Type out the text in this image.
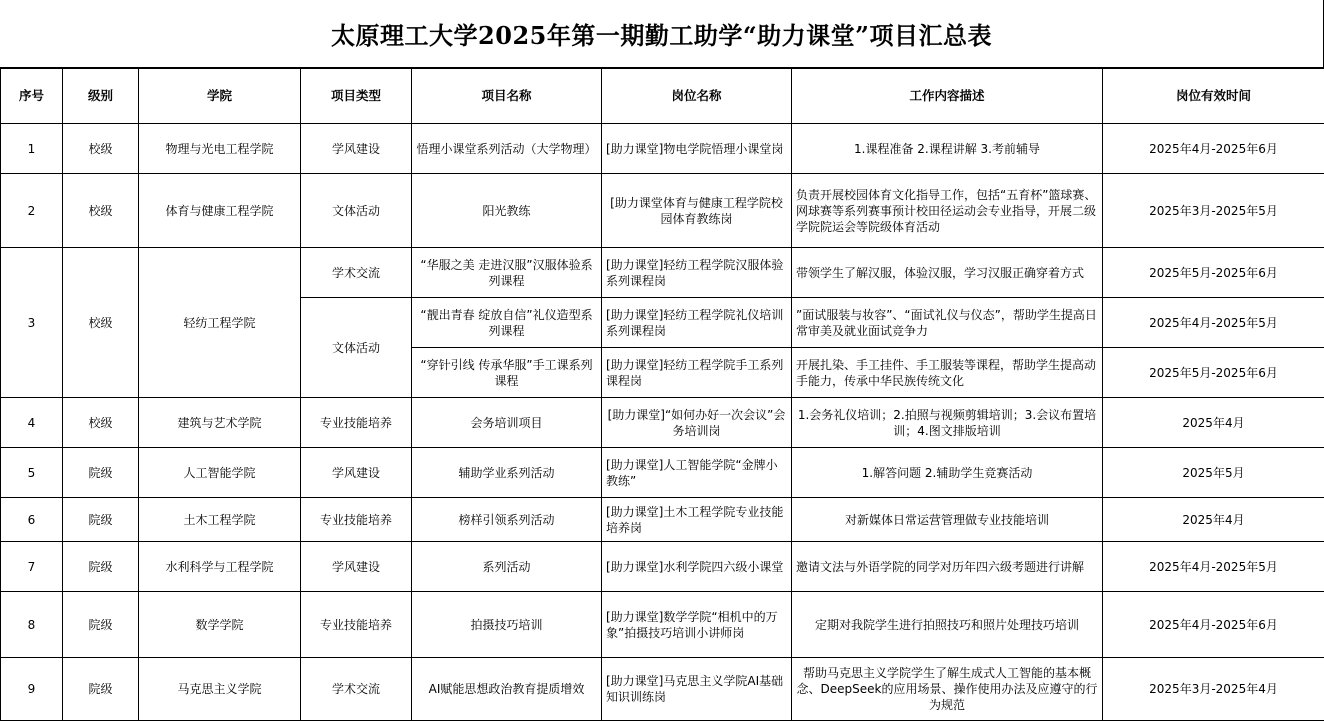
太原理工大学2025年第一期勤工助学“助力课堂”项目汇总表
序号	级别	学院	项目类型	项目名称	岗位名称	工作内容描述	岗位有效时间
1	校级	物理与光电工程学院	学风建设	悟理小课堂系列活动（大学物理）	[助力课堂]物电学院悟理小课堂岗	1.课程准备 2.课程讲解 3.考前辅导	2025年4月-2025年6月
2	校级	体育与健康工程学院	文体活动	阳光教练	[助力课堂体育与健康工程学院校园体育教练岗	负责开展校园体育文化指导工作，包括“五育杯”篮球赛、网球赛等系列赛事预计校田径运动会专业指导，开展二级学院院运会等院级体育活动	2025年3月-2025年5月
3	校级	轻纺工程学院	学术交流	“华服之美 走进汉服”汉服体验系列课程	[助力课堂]轻纺工程学院汉服体验系列课程岗	带领学生了解汉服，体验汉服，学习汉服正确穿着方式	2025年5月-2025年6月
			文体活动	“靓出青春 绽放自信”礼仪造型系列课程	[助力课堂]轻纺工程学院礼仪培训系列课程岗	”面试服装与妆容”、“面试礼仪与仪态”，帮助学生提高日常审美及就业面试竞争力	2025年4月-2025年5月
				“穿针引线 传承华服”手工课系列课程	[助力课堂]轻纺工程学院手工系列课程岗	开展扎染、手工挂件、手工服装等课程，帮助学生提高动手能力，传承中华民族传统文化	2025年5月-2025年6月
4	校级	建筑与艺术学院	专业技能培养	会务培训项目	[助力课堂]“如何办好一次会议”会务培训岗	1.会务礼仪培训；2.拍照与视频剪辑培训；3.会议布置培训；4.图文排版培训	2025年4月
5	院级	人工智能学院	学风建设	辅助学业系列活动	[助力课堂]人工智能学院“金牌小教练”	1.解答问题 2.辅助学生竞赛活动	2025年5月
6	院级	土木工程学院	专业技能培养	榜样引领系列活动	[助力课堂]土木工程学院专业技能培养岗	对新媒体日常运营管理做专业技能培训	2025年4月
7	院级	水利科学与工程学院	学风建设	系列活动	[助力课堂]水利学院四六级小课堂	邀请文法与外语学院的同学对历年四六级考题进行讲解	2025年4月-2025年5月
8	院级	数学学院	专业技能培养	拍摄技巧培训	[助力课堂]数学学院“相机中的万象”拍摄技巧培训小讲师岗	定期对我院学生进行拍照技巧和照片处理技巧培训	2025年4月-2025年6月
9	院级	马克思主义学院	学术交流	AI赋能思想政治教育提质增效	[助力课堂]马克思主义学院AI基础知识训练岗	帮助马克思主义学院学生了解生成式人工智能的基本概念、DeepSeek的应用场景、操作使用办法及应遵守的行为规范	2025年3月-2025年4月
